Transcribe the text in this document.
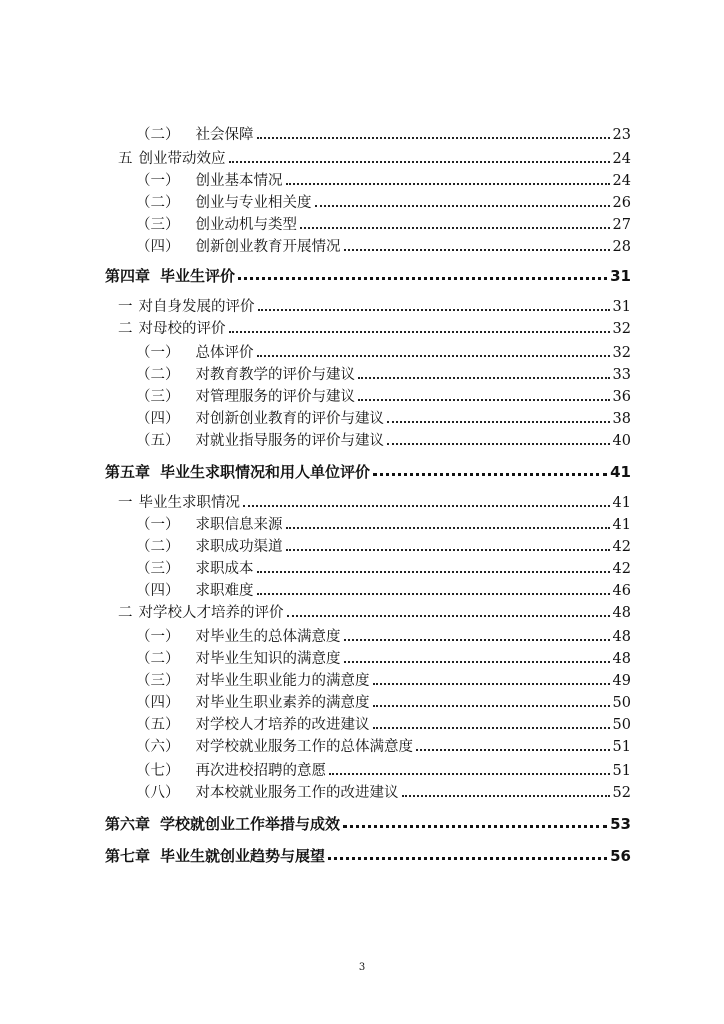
（二） 社会保障	23
五 创业带动效应	24
（一） 创业基本情况	24
（二） 创业与专业相关度	26
（三） 创业动机与类型	27
（四） 创新创业教育开展情况	28
第四章 毕业生评价	31
一 对自身发展的评价	31
二 对母校的评价	32
（一） 总体评价	32
（二） 对教育教学的评价与建议	33
（三） 对管理服务的评价与建议	36
（四） 对创新创业教育的评价与建议	38
（五） 对就业指导服务的评价与建议	40
第五章 毕业生求职情况和用人单位评价	41
一 毕业生求职情况	41
（一） 求职信息来源	41
（二） 求职成功渠道	42
（三） 求职成本	42
（四） 求职难度	46
二 对学校人才培养的评价	48
（一） 对毕业生的总体满意度	48
（二） 对毕业生知识的满意度	48
（三） 对毕业生职业能力的满意度	49
（四） 对毕业生职业素养的满意度	50
（五） 对学校人才培养的改进建议	50
（六） 对学校就业服务工作的总体满意度	51
（七） 再次进校招聘的意愿	51
（八） 对本校就业服务工作的改进建议	52
第六章 学校就创业工作举措与成效	53
第七章 毕业生就创业趋势与展望	56
3
